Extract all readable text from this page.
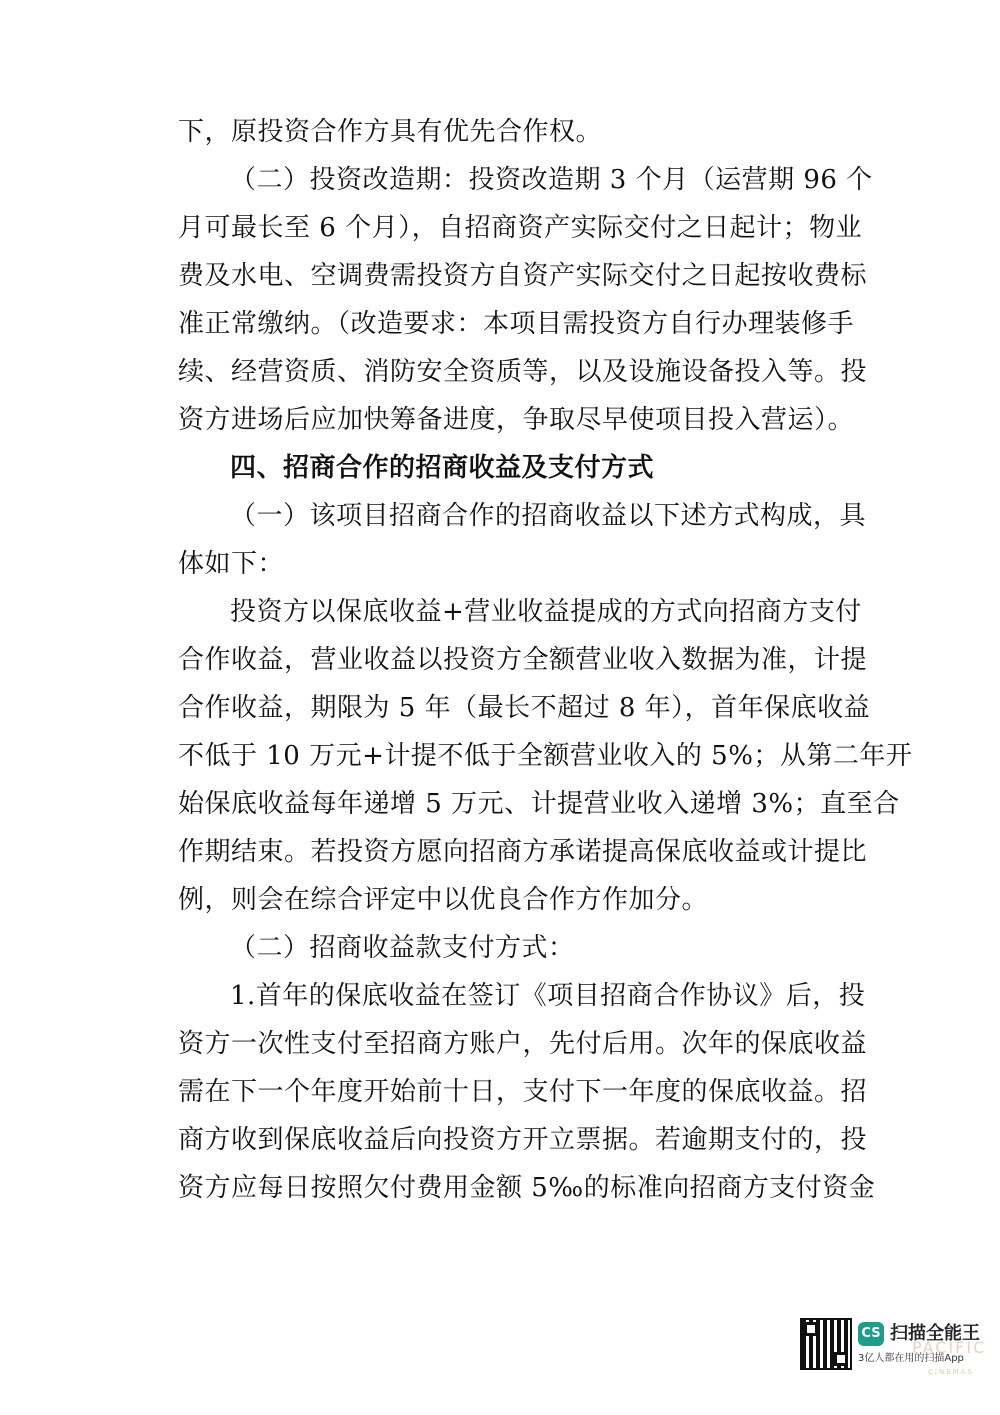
下，原投资合作方具有优先合作权。
（二）投资改造期：投资改造期 3 个月（运营期 96 个
月可最长至 6 个月），自招商资产实际交付之日起计；物业
费及水电、空调费需投资方自资产实际交付之日起按收费标
准正常缴纳。（改造要求：本项目需投资方自行办理装修手
续、经营资质、消防安全资质等，以及设施设备投入等。投
资方进场后应加快筹备进度，争取尽早使项目投入营运）。
四、招商合作的招商收益及支付方式
（一）该项目招商合作的招商收益以下述方式构成，具
体如下：
投资方以保底收益+营业收益提成的方式向招商方支付
合作收益，营业收益以投资方全额营业收入数据为准，计提
合作收益，期限为 5 年（最长不超过 8 年），首年保底收益
不低于 10 万元+计提不低于全额营业收入的 5%；从第二年开
始保底收益每年递增 5 万元、计提营业收入递增 3%；直至合
作期结束。若投资方愿向招商方承诺提高保底收益或计提比
例，则会在综合评定中以优良合作方作加分。
（二）招商收益款支付方式：
1.首年的保底收益在签订《项目招商合作协议》后，投
资方一次性支付至招商方账户，先付后用。次年的保底收益
需在下一个年度开始前十日，支付下一年度的保底收益。招
商方收到保底收益后向投资方开立票据。若逾期支付的，投
资方应每日按照欠付费用金额 5‰的标准向招商方支付资金
CS 扫描全能王
PACIFIC
3亿人都在用的扫描App
CINEMAS
